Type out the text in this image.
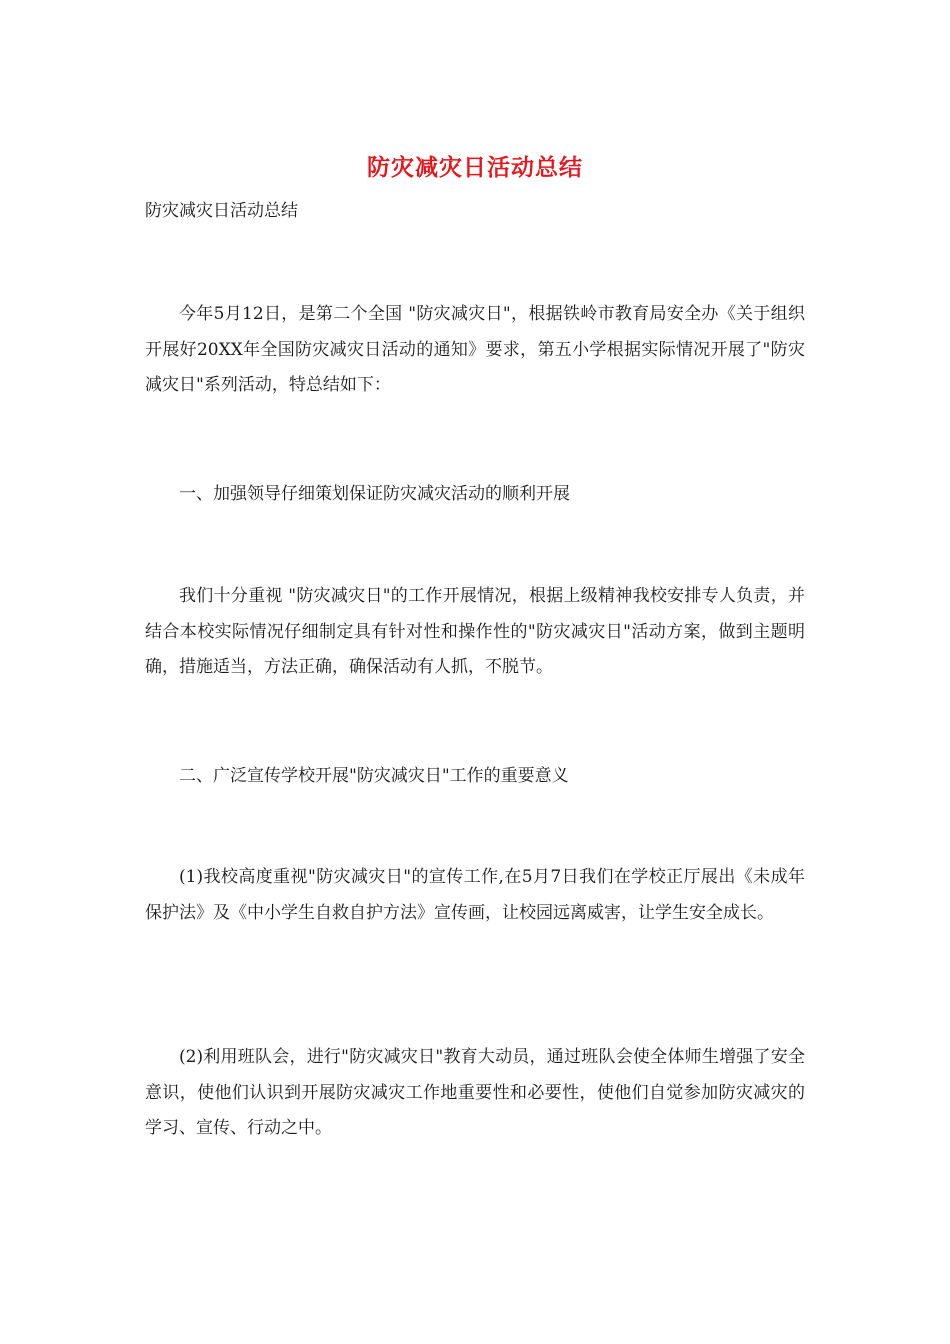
防灾减灾日活动总结
防灾减灾日活动总结
今年5月12日，是第二个全国 "防灾减灾日"，根据铁岭市教育局安全办《关于组织开展好20XX年全国防灾减灾日活动的通知》要求，第五小学根据实际情况开展了"防灾减灾日"系列活动，特总结如下：
一、加强领导仔细策划保证防灾减灾活动的顺利开展
我们十分重视 "防灾减灾日"的工作开展情况，根据上级精神我校安排专人负责，并结合本校实际情况仔细制定具有针对性和操作性的"防灾减灾日"活动方案，做到主题明确，措施适当，方法正确，确保活动有人抓，不脱节。
二、广泛宣传学校开展"防灾减灾日"工作的重要意义
(1)我校高度重视"防灾减灾日"的宣传工作,在5月7日我们在学校正厅展出《未成年保护法》及《中小学生自救自护方法》宣传画，让校园远离威害，让学生安全成长。
(2)利用班队会，进行"防灾减灾日"教育大动员，通过班队会使全体师生增强了安全意识，使他们认识到开展防灾减灾工作地重要性和必要性，使他们自觉参加防灾减灾的学习、宣传、行动之中。
